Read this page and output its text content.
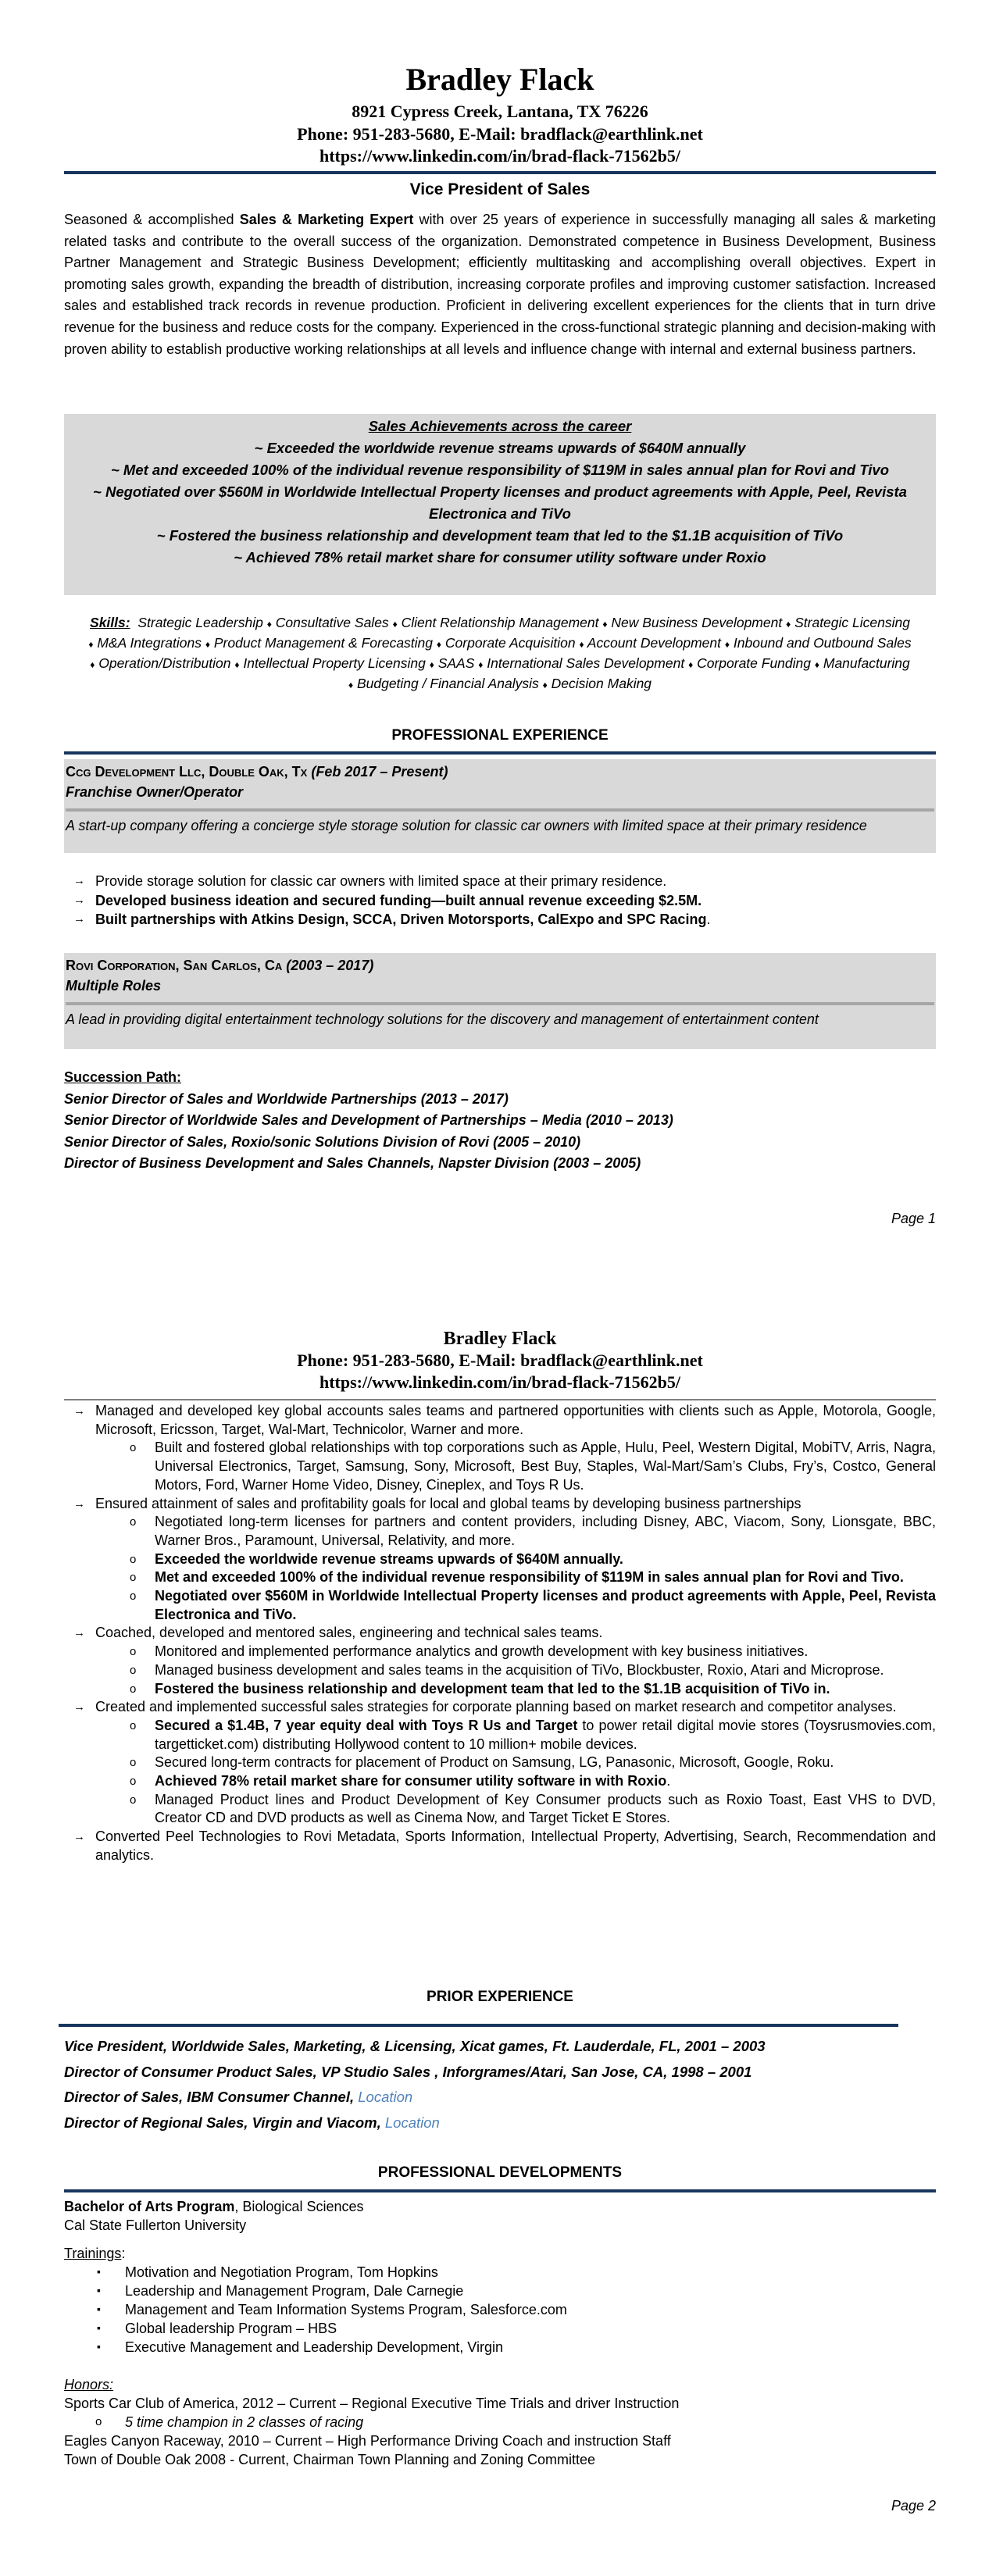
Bradley Flack
8921 Cypress Creek, Lantana, TX 76226
Phone: 951-283-5680, E-Mail: bradflack@earthlink.net
https://www.linkedin.com/in/brad-flack-71562b5/
Vice President of Sales
Seasoned & accomplished Sales & Marketing Expert with over 25 years of experience in successfully managing all sales & marketing related tasks and contribute to the overall success of the organization. Demonstrated competence in Business Development, Business Partner Management and Strategic Business Development; efficiently multitasking and accomplishing overall objectives. Expert in promoting sales growth, expanding the breadth of distribution, increasing corporate profiles and improving customer satisfaction. Increased sales and established track records in revenue production. Proficient in delivering excellent experiences for the clients that in turn drive revenue for the business and reduce costs for the company. Experienced in the cross-functional strategic planning and decision-making with proven ability to establish productive working relationships at all levels and influence change with internal and external business partners.
Sales Achievements across the career
~ Exceeded the worldwide revenue streams upwards of $640M annually
~ Met and exceeded 100% of the individual revenue responsibility of $119M in sales annual plan for Rovi and Tivo
~ Negotiated over $560M in Worldwide Intellectual Property licenses and product agreements with Apple, Peel, Revista Electronica and TiVo
~ Fostered the business relationship and development team that led to the $1.1B acquisition of TiVo
~ Achieved 78% retail market share for consumer utility software under Roxio
Skills: Strategic Leadership ♦ Consultative Sales ♦ Client Relationship Management ♦ New Business Development ♦ Strategic Licensing ♦ M&A Integrations ♦ Product Management & Forecasting ♦ Corporate Acquisition ♦ Account Development ♦ Inbound and Outbound Sales ♦ Operation/Distribution ♦ Intellectual Property Licensing ♦ SAAS ♦ International Sales Development ♦ Corporate Funding ♦ Manufacturing ♦ Budgeting / Financial Analysis ♦ Decision Making
PROFESSIONAL EXPERIENCE
Ccg Development Llc, Double Oak, Tx (Feb 2017 – Present)
Franchise Owner/Operator
A start-up company offering a concierge style storage solution for classic car owners with limited space at their primary residence
→ Provide storage solution for classic car owners with limited space at their primary residence.
→ Developed business ideation and secured funding—built annual revenue exceeding $2.5M.
→ Built partnerships with Atkins Design, SCCA, Driven Motorsports, CalExpo and SPC Racing.
Rovi Corporation, San Carlos, Ca (2003 – 2017)
Multiple Roles
A lead in providing digital entertainment technology solutions for the discovery and management of entertainment content
Succession Path:
Senior Director of Sales and Worldwide Partnerships (2013 – 2017)
Senior Director of Worldwide Sales and Development of Partnerships – Media (2010 – 2013)
Senior Director of Sales, Roxio/sonic Solutions Division of Rovi (2005 – 2010)
Director of Business Development and Sales Channels, Napster Division (2003 – 2005)
Page 1
Bradley Flack
Phone: 951-283-5680, E-Mail: bradflack@earthlink.net
https://www.linkedin.com/in/brad-flack-71562b5/
→ Managed and developed key global accounts sales teams and partnered opportunities with clients such as Apple, Motorola, Google, Microsoft, Ericsson, Target, Wal-Mart, Technicolor, Warner and more.
o Built and fostered global relationships with top corporations such as Apple, Hulu, Peel, Western Digital, MobiTV, Arris, Nagra, Universal Electronics, Target, Samsung, Sony, Microsoft, Best Buy, Staples, Wal-Mart/Sam’s Clubs, Fry’s, Costco, General Motors, Ford, Warner Home Video, Disney, Cineplex, and Toys R Us.
→ Ensured attainment of sales and profitability goals for local and global teams by developing business partnerships
o Negotiated long-term licenses for partners and content providers, including Disney, ABC, Viacom, Sony, Lionsgate, BBC, Warner Bros., Paramount, Universal, Relativity, and more.
o Exceeded the worldwide revenue streams upwards of $640M annually.
o Met and exceeded 100% of the individual revenue responsibility of $119M in sales annual plan for Rovi and Tivo.
o Negotiated over $560M in Worldwide Intellectual Property licenses and product agreements with Apple, Peel, Revista Electronica and TiVo.
→ Coached, developed and mentored sales, engineering and technical sales teams.
o Monitored and implemented performance analytics and growth development with key business initiatives.
o Managed business development and sales teams in the acquisition of TiVo, Blockbuster, Roxio, Atari and Microprose.
o Fostered the business relationship and development team that led to the $1.1B acquisition of TiVo in.
→ Created and implemented successful sales strategies for corporate planning based on market research and competitor analyses.
o Secured a $1.4B, 7 year equity deal with Toys R Us and Target to power retail digital movie stores (Toysrusmovies.com, targetticket.com) distributing Hollywood content to 10 million+ mobile devices.
o Secured long-term contracts for placement of Product on Samsung, LG, Panasonic, Microsoft, Google, Roku.
o Achieved 78% retail market share for consumer utility software in with Roxio.
o Managed Product lines and Product Development of Key Consumer products such as Roxio Toast, East VHS to DVD, Creator CD and DVD products as well as Cinema Now, and Target Ticket E Stores.
→ Converted Peel Technologies to Rovi Metadata, Sports Information, Intellectual Property, Advertising, Search, Recommendation and analytics.
PRIOR EXPERIENCE
Vice President, Worldwide Sales, Marketing, & Licensing, Xicat games, Ft. Lauderdale, FL, 2001 – 2003
Director of Consumer Product Sales, VP Studio Sales , Inforgrames/Atari, San Jose, CA, 1998 – 2001
Director of Sales, IBM Consumer Channel, Location
Director of Regional Sales, Virgin and Viacom, Location
PROFESSIONAL DEVELOPMENTS
Bachelor of Arts Program, Biological Sciences
Cal State Fullerton University
Trainings:
▪ Motivation and Negotiation Program, Tom Hopkins
▪ Leadership and Management Program, Dale Carnegie
▪ Management and Team Information Systems Program, Salesforce.com
▪ Global leadership Program – HBS
▪ Executive Management and Leadership Development, Virgin
Honors:
Sports Car Club of America, 2012 – Current – Regional Executive Time Trials and driver Instruction
o 5 time champion in 2 classes of racing
Eagles Canyon Raceway, 2010 – Current – High Performance Driving Coach and instruction Staff
Town of Double Oak 2008 - Current, Chairman Town Planning and Zoning Committee
Page 2
